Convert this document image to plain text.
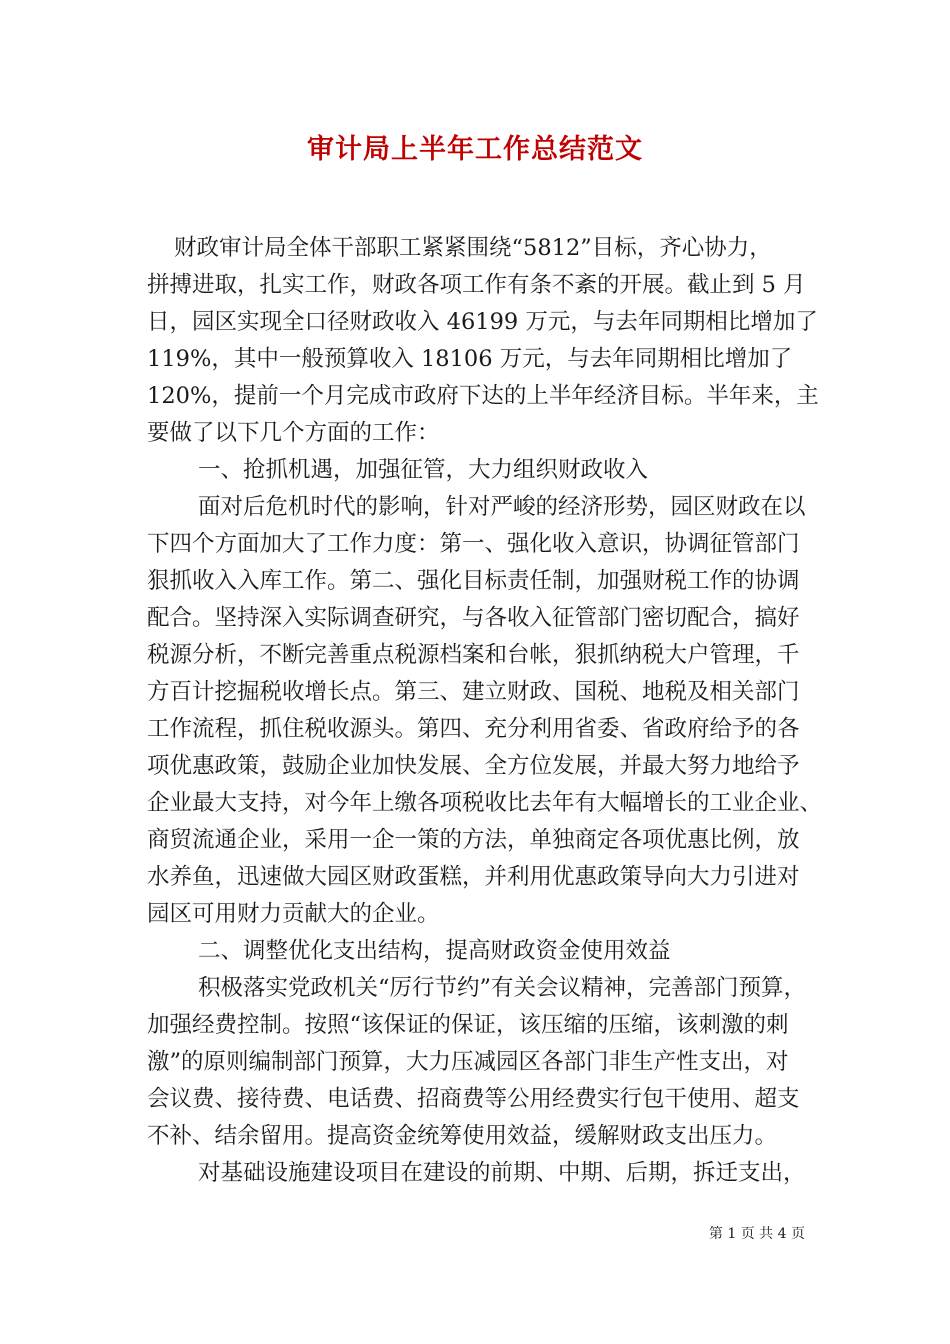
审计局上半年工作总结范文
财政审计局全体干部职工紧紧围绕“5812”目标，齐心协力，
拼搏进取，扎实工作，财政各项工作有条不紊的开展。截止到 5 月
日，园区实现全口径财政收入 46199 万元，与去年同期相比增加了
119%，其中一般预算收入 18106 万元，与去年同期相比增加了
120%，提前一个月完成市政府下达的上半年经济目标。半年来，主
要做了以下几个方面的工作：
一、抢抓机遇，加强征管，大力组织财政收入
面对后危机时代的影响，针对严峻的经济形势，园区财政在以
下四个方面加大了工作力度：第一、强化收入意识，协调征管部门
狠抓收入入库工作。第二、强化目标责任制，加强财税工作的协调
配合。坚持深入实际调查研究，与各收入征管部门密切配合，搞好
税源分析，不断完善重点税源档案和台帐，狠抓纳税大户管理，千
方百计挖掘税收增长点。第三、建立财政、国税、地税及相关部门
工作流程，抓住税收源头。第四、充分利用省委、省政府给予的各
项优惠政策，鼓励企业加快发展、全方位发展，并最大努力地给予
企业最大支持，对今年上缴各项税收比去年有大幅增长的工业企业、
商贸流通企业，采用一企一策的方法，单独商定各项优惠比例，放
水养鱼，迅速做大园区财政蛋糕，并利用优惠政策导向大力引进对
园区可用财力贡献大的企业。
二、调整优化支出结构，提高财政资金使用效益
积极落实党政机关“厉行节约”有关会议精神，完善部门预算，
加强经费控制。按照“该保证的保证，该压缩的压缩，该刺激的刺
激”的原则编制部门预算，大力压减园区各部门非生产性支出，对
会议费、接待费、电话费、招商费等公用经费实行包干使用、超支
不补、结余留用。提高资金统筹使用效益，缓解财政支出压力。
对基础设施建设项目在建设的前期、中期、后期，拆迁支出，
第 1 页 共 4 页
